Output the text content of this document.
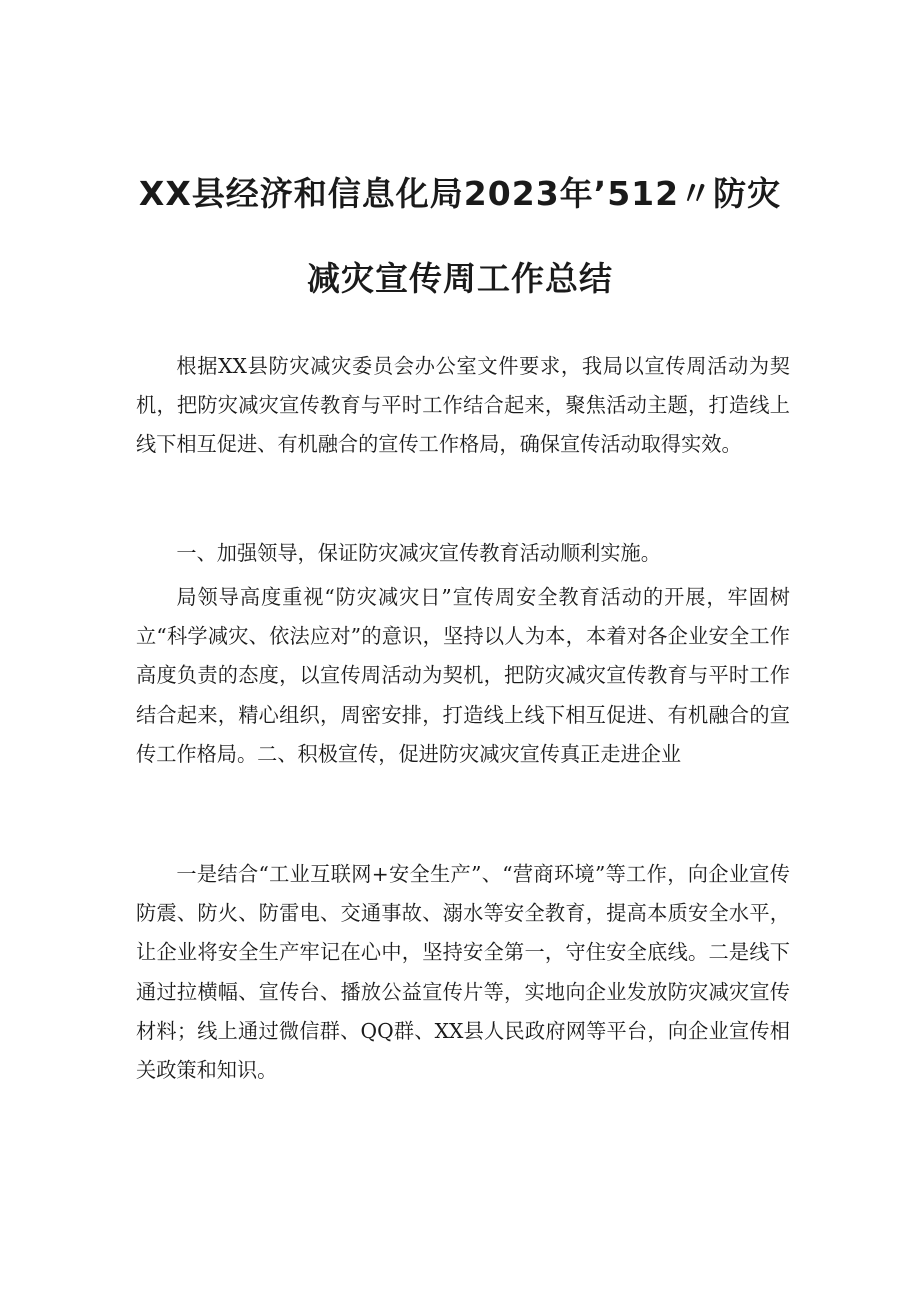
XX县经济和信息化局2023年’512〃防灾
减灾宣传周工作总结

根据XX县防灾减灾委员会办公室文件要求，我局以宣传周活动为契机，把防灾减灾宣传教育与平时工作结合起来，聚焦活动主题，打造线上线下相互促进、有机融合的宣传工作格局，确保宣传活动取得实效。

一、加强领导，保证防灾减灾宣传教育活动顺利实施。

局领导高度重视“防灾减灾日”宣传周安全教育活动的开展，牢固树立“科学减灾、依法应对”的意识，坚持以人为本，本着对各企业安全工作高度负责的态度，以宣传周活动为契机，把防灾减灾宣传教育与平时工作结合起来，精心组织，周密安排，打造线上线下相互促进、有机融合的宣传工作格局。二、积极宣传，促进防灾减灾宣传真正走进企业

一是结合“工业互联网+安全生产”、“营商环境”等工作，向企业宣传防震、防火、防雷电、交通事故、溺水等安全教育，提高本质安全水平，让企业将安全生产牢记在心中，坚持安全第一，守住安全底线。二是线下通过拉横幅、宣传台、播放公益宣传片等，实地向企业发放防灾减灾宣传材料；线上通过微信群、QQ群、XX县人民政府网等平台，向企业宣传相关政策和知识。
